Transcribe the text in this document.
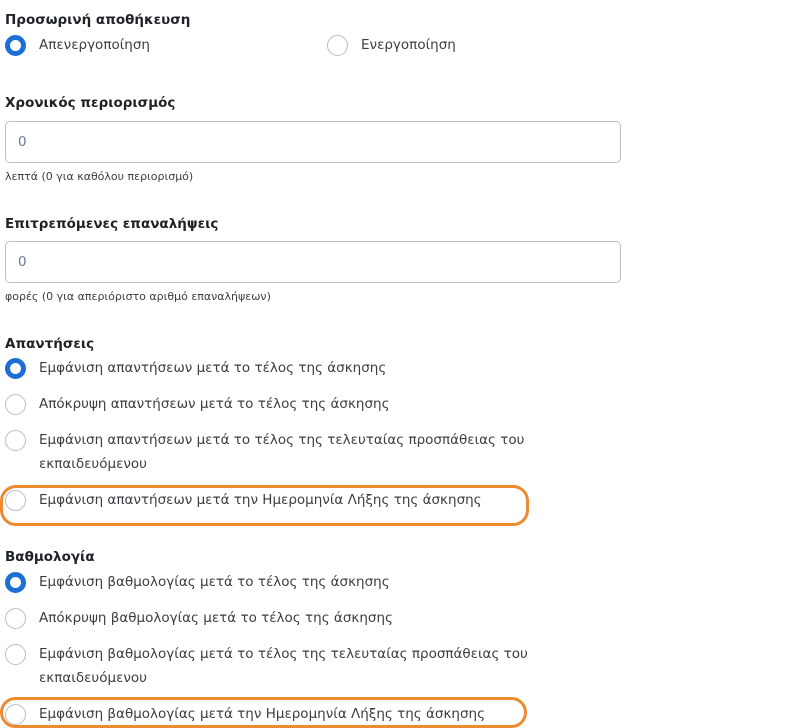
Προσωρινή αποθήκευση
Απενεργοποίηση	Ενεργοποίηση
Χρονικός περιορισμός
0
λεπτά (0 για καθόλου περιορισμό)
Επιτρεπόμενες επαναλήψεις
0
φορές (0 για απεριόριστο αριθμό επαναλήψεων)
Απαντήσεις
Εμφάνιση απαντήσεων μετά το τέλος της άσκησης
Απόκρυψη απαντήσεων μετά το τέλος της άσκησης
Εμφάνιση απαντήσεων μετά το τέλος της τελευταίας προσπάθειας του εκπαιδευόμενου
Εμφάνιση απαντήσεων μετά την Ημερομηνία Λήξης της άσκησης
Βαθμολογία
Εμφάνιση βαθμολογίας μετά το τέλος της άσκησης
Απόκρυψη βαθμολογίας μετά το τέλος της άσκησης
Εμφάνιση βαθμολογίας μετά το τέλος της τελευταίας προσπάθειας του εκπαιδευόμενου
Εμφάνιση βαθμολογίας μετά την Ημερομηνία Λήξης της άσκησης
